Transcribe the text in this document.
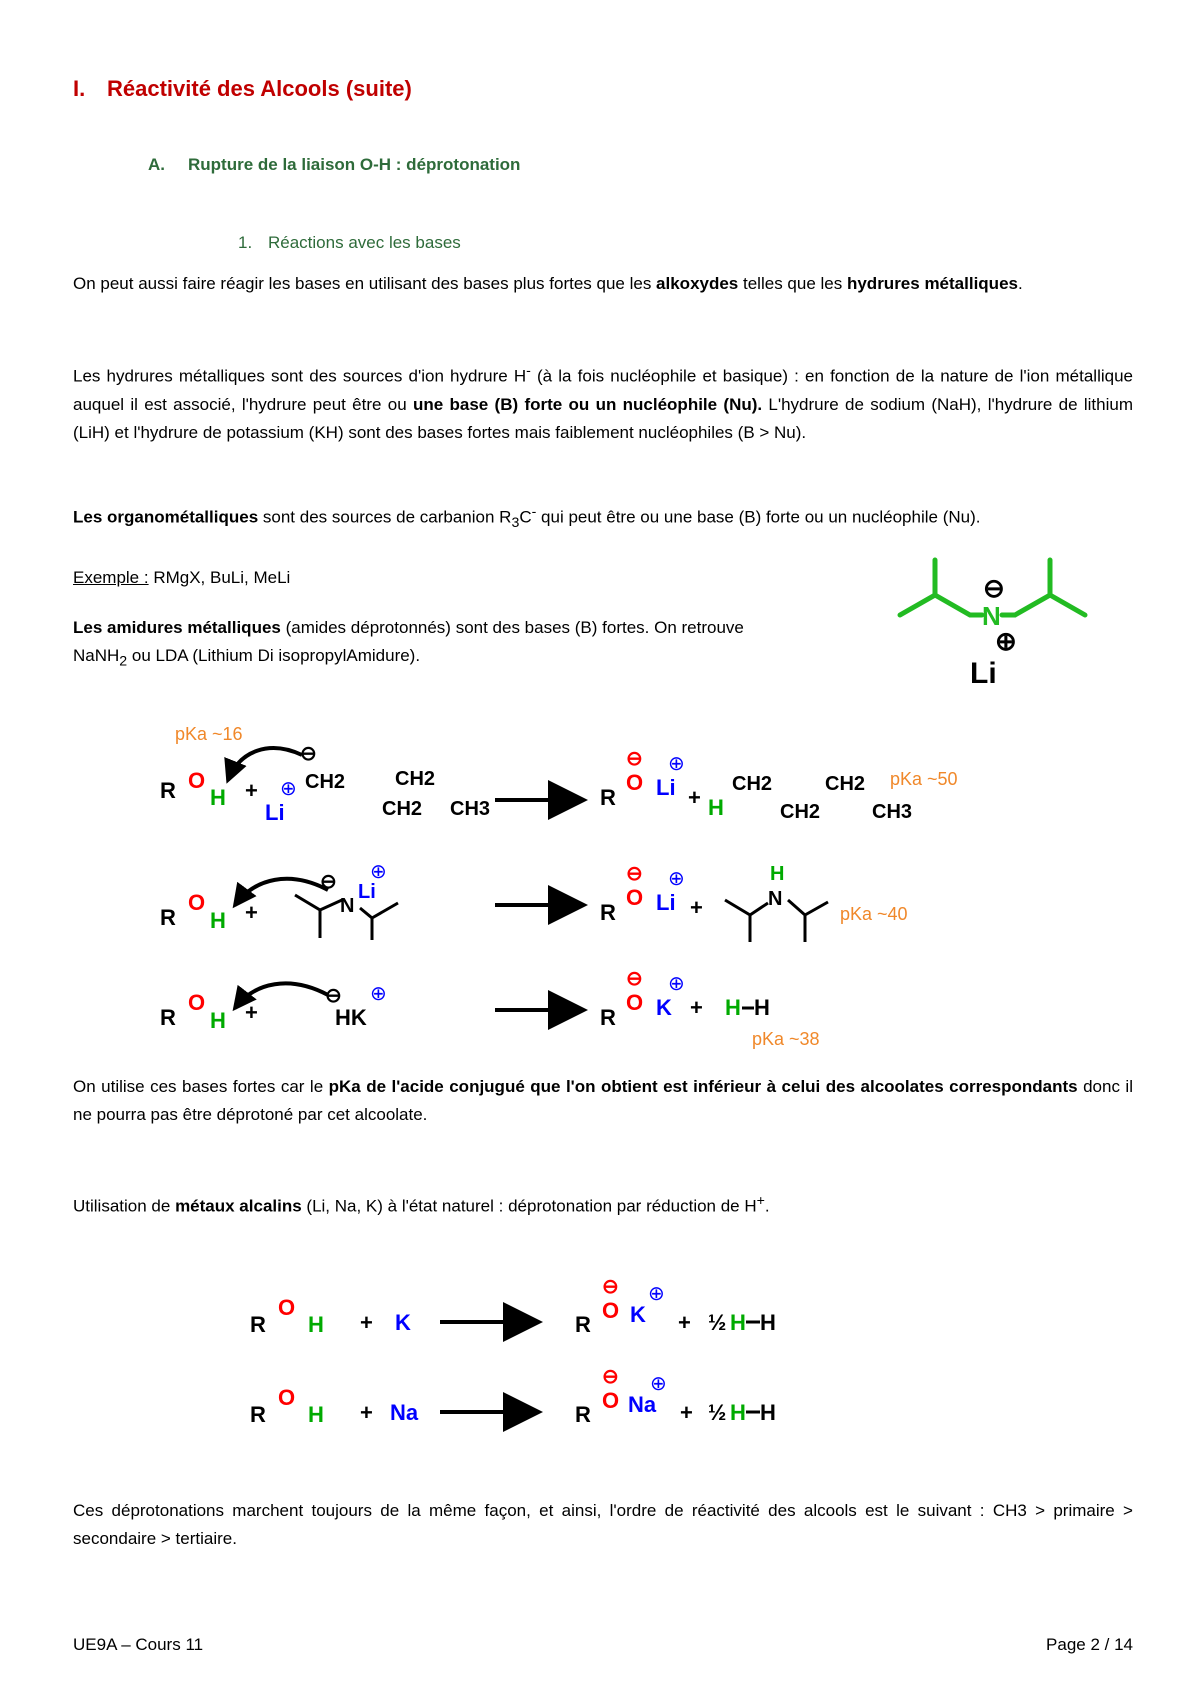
I. Réactivité des Alcools (suite)
A. Rupture de la liaison O-H : déprotonation
1. Réactions avec les bases
On peut aussi faire réagir les bases en utilisant des bases plus fortes que les alkoxydes telles que les hydrures métalliques.
Les hydrures métalliques sont des sources d'ion hydrure H- (à la fois nucléophile et basique) : en fonction de la nature de l'ion métallique auquel il est associé, l'hydrure peut être ou une base (B) forte ou un nucléophile (Nu). L'hydrure de sodium (NaH), l'hydrure de lithium (LiH) et l'hydrure de potassium (KH) sont des bases fortes mais faiblement nucléophiles (B > Nu).
Les organométalliques sont des sources de carbanion $R_3C^-$ qui peut être ou une base (B) forte ou un nucléophile (Nu).
Exemple : RMgX, BuLi, MeLi
Les amidures métalliques (amides déprotonnés) sont des bases (B) fortes. On retrouve
NaNH$_2$ ou LDA (Lithium Di isopropylAmidure).
N
⊖
⊕
Li
pKa ~16
R O
H +
Li
⊕
⊖
CH2
CH2
CH2
CH3	R
O
⊖
Li
⊕
+ H
CH2
CH2
CH2
CH3
pKa ~50
R
O
H +	N
⊖ Li
⊕
R
O
⊖
Li
⊕
+	N
H
pKa ~40
R
O
H +
⊖
HK
⊕
R
O
⊖
K
⊕
+ H H
pKa ~38
On utilise ces bases fortes car le pKa de l'acide conjugué que l'on obtient est inférieur à celui des alcoolates correspondants donc il ne pourra pas être déprotoné par cet alcoolate.
Utilisation de métaux alcalins (Li, Na, K) à l'état naturel : déprotonation par réduction de H+.
R
O
H + K	R
O
⊖
K
⊕
+ ½ H H
R
O
H + Na	R
O
⊖
Na
⊕
+ ½ H H
Ces déprotonations marchent toujours de la même façon, et ainsi, l'ordre de réactivité des alcools est le suivant : CH3 > primaire > secondaire > tertiaire.
UE9A – Cours 11	Page 2 / 14
